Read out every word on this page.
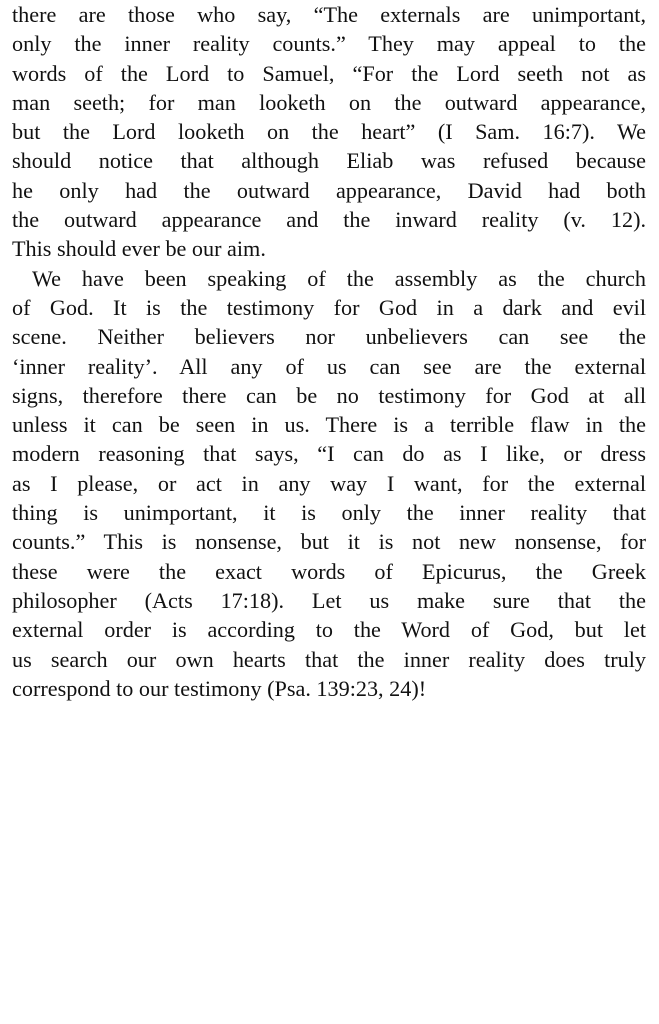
there are those who say, “The externals are unimportant,
only the inner reality counts.” They may appeal to the
words of the Lord to Samuel, “For the Lord seeth not as
man seeth; for man looketh on the outward appearance,
but the Lord looketh on the heart” (I Sam. 16:7). We
should notice that although Eliab was refused because
he only had the outward appearance, David had both
the outward appearance and the inward reality (v. 12).
This should ever be our aim.
We have been speaking of the assembly as the church
of God. It is the testimony for God in a dark and evil
scene. Neither believers nor unbelievers can see the
‘inner reality’. All any of us can see are the external
signs, therefore there can be no testimony for God at all
unless it can be seen in us. There is a terrible flaw in the
modern reasoning that says, “I can do as I like, or dress
as I please, or act in any way I want, for the external
thing is unimportant, it is only the inner reality that
counts.” This is nonsense, but it is not new nonsense, for
these were the exact words of Epicurus, the Greek
philosopher (Acts 17:18). Let us make sure that the
external order is according to the Word of God, but let
us search our own hearts that the inner reality does truly
correspond to our testimony (Psa. 139:23, 24)!
